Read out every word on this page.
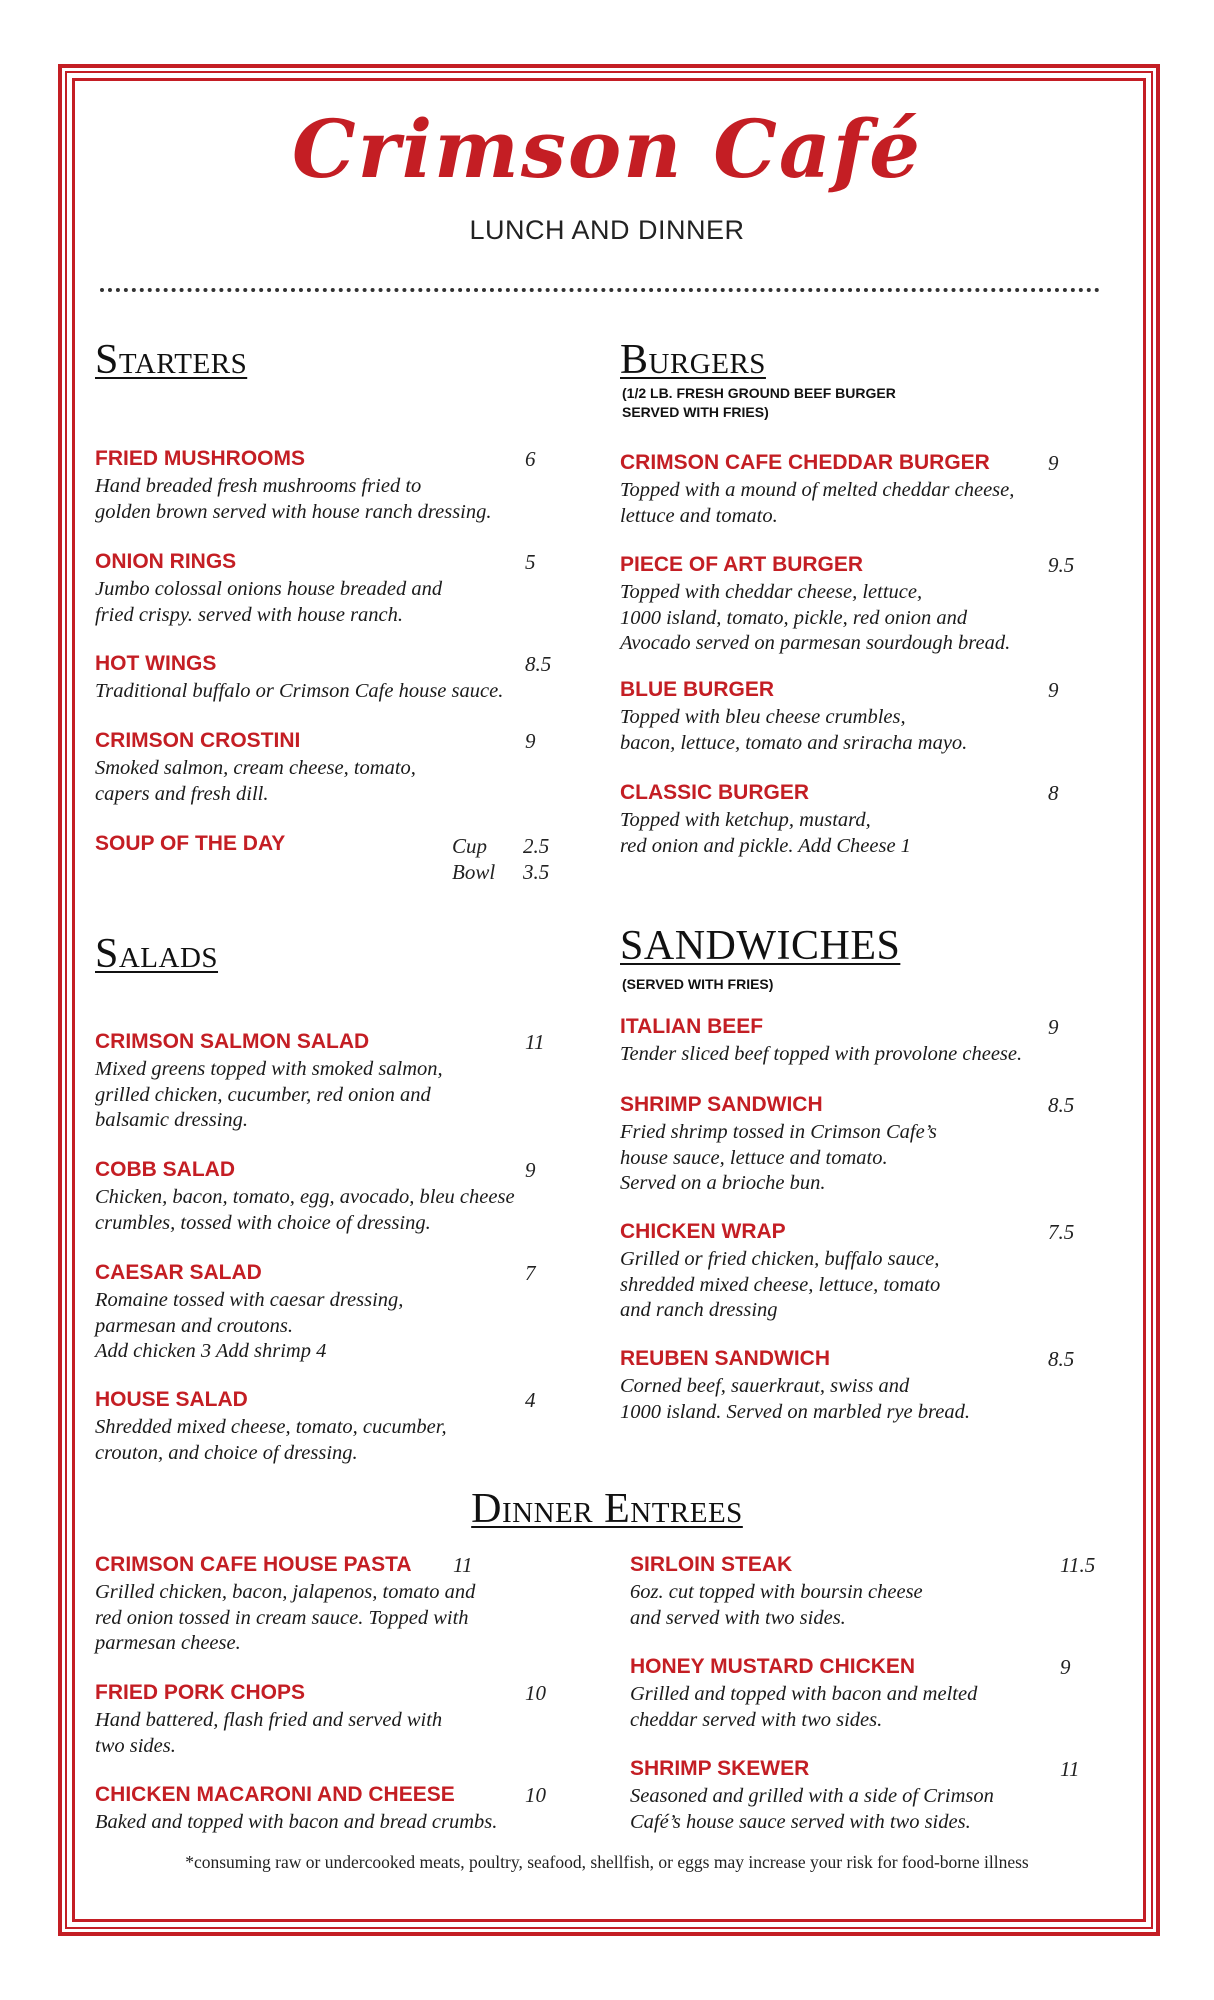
Crimson Café
LUNCH AND DINNER
Starters
FRIED MUSHROOMS	6
Hand breaded fresh mushrooms fried to
golden brown served with house ranch dressing.
ONION RINGS	5
Jumbo colossal onions house breaded and
fried crispy. served with house ranch.
HOT WINGS	8.5
Traditional buffalo or Crimson Cafe house sauce.
CRIMSON CROSTINI	9
Smoked salmon, cream cheese, tomato,
capers and fresh dill.
SOUP OF THE DAY	Cup 2.5
Bowl 3.5
Burgers
(1/2 LB. FRESH GROUND BEEF BURGER
SERVED WITH FRIES)
CRIMSON CAFE CHEDDAR BURGER	9
Topped with a mound of melted cheddar cheese,
lettuce and tomato.
PIECE OF ART BURGER	9.5
Topped with cheddar cheese, lettuce,
1000 island, tomato, pickle, red onion and
Avocado served on parmesan sourdough bread.
BLUE BURGER	9
Topped with bleu cheese crumbles,
bacon, lettuce, tomato and sriracha mayo.
CLASSIC BURGER	8
Topped with ketchup, mustard,
red onion and pickle. Add Cheese 1
Salads
CRIMSON SALMON SALAD	11
Mixed greens topped with smoked salmon,
grilled chicken, cucumber, red onion and
balsamic dressing.
COBB SALAD	9
Chicken, bacon, tomato, egg, avocado, bleu cheese
crumbles, tossed with choice of dressing.
CAESAR SALAD	7
Romaine tossed with caesar dressing,
parmesan and croutons.
Add chicken 3 Add shrimp 4
HOUSE SALAD	4
Shredded mixed cheese, tomato, cucumber,
crouton, and choice of dressing.
SANDWICHES
(SERVED WITH FRIES)
ITALIAN BEEF	9
Tender sliced beef topped with provolone cheese.
SHRIMP SANDWICH	8.5
Fried shrimp tossed in Crimson Cafe’s
house sauce, lettuce and tomato.
Served on a brioche bun.
CHICKEN WRAP	7.5
Grilled or fried chicken, buffalo sauce,
shredded mixed cheese, lettuce, tomato
and ranch dressing
REUBEN SANDWICH	8.5
Corned beef, sauerkraut, swiss and
1000 island. Served on marbled rye bread.
Dinner Entrees
CRIMSON CAFE HOUSE PASTA 11
Grilled chicken, bacon, jalapenos, tomato and
red onion tossed in cream sauce. Topped with
parmesan cheese.
FRIED PORK CHOPS	10
Hand battered, flash fried and served with
two sides.
CHICKEN MACARONI AND CHEESE	10
Baked and topped with bacon and bread crumbs.
SIRLOIN STEAK	11.5
6oz. cut topped with boursin cheese
and served with two sides.
HONEY MUSTARD CHICKEN	9
Grilled and topped with bacon and melted
cheddar served with two sides.
SHRIMP SKEWER	11
Seasoned and grilled with a side of Crimson
Café’s house sauce served with two sides.
*consuming raw or undercooked meats, poultry, seafood, shellfish, or eggs may increase your risk for food-borne illness
